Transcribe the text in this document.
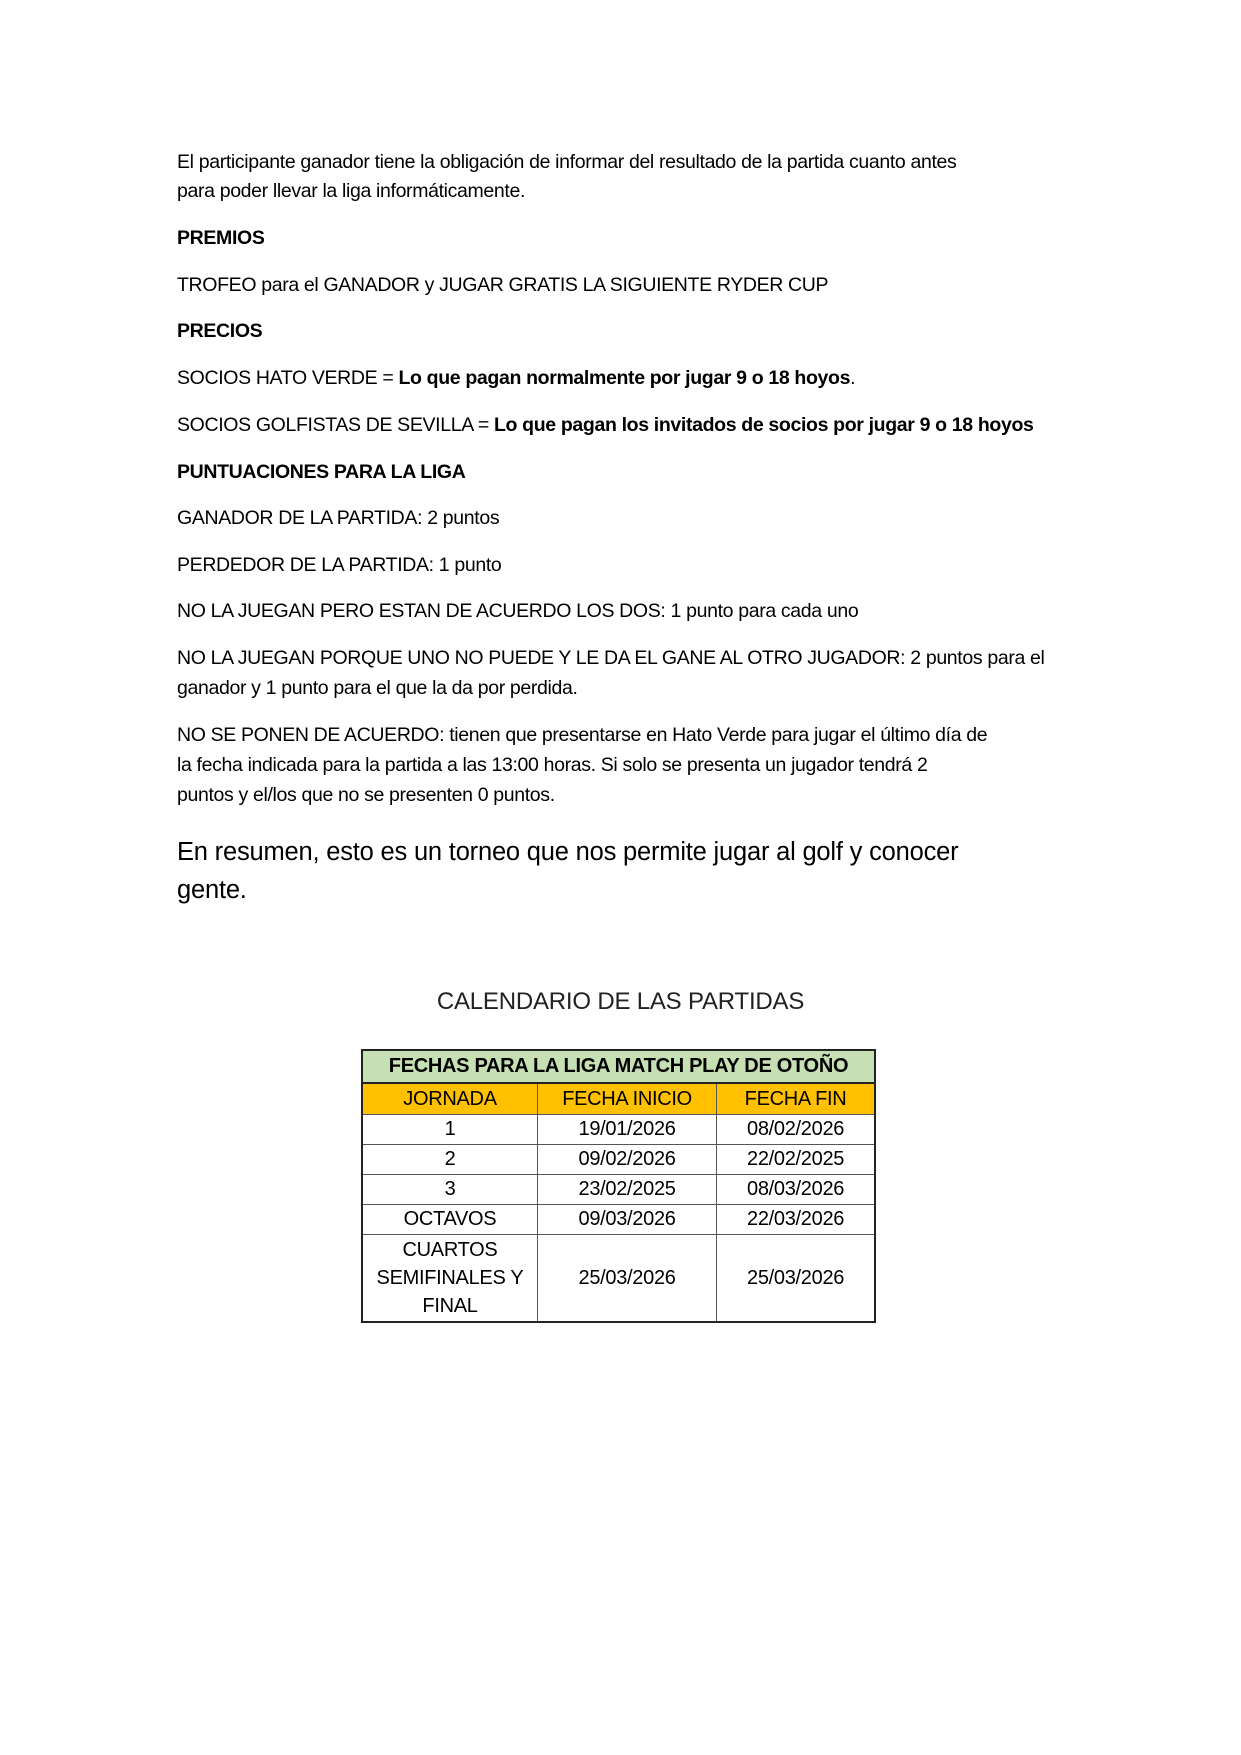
El participante ganador tiene la obligación de informar del resultado de la partida cuanto antes

para poder llevar la liga informáticamente.

PREMIOS

TROFEO para el GANADOR y JUGAR GRATIS LA SIGUIENTE RYDER CUP

PRECIOS

SOCIOS HATO VERDE = Lo que pagan normalmente por jugar 9 o 18 hoyos.

SOCIOS GOLFISTAS DE SEVILLA = Lo que pagan los invitados de socios por jugar 9 o 18 hoyos

PUNTUACIONES PARA LA LIGA

GANADOR DE LA PARTIDA: 2 puntos

PERDEDOR DE LA PARTIDA: 1 punto

NO LA JUEGAN PERO ESTAN DE ACUERDO LOS DOS: 1 punto para cada uno

NO LA JUEGAN PORQUE UNO NO PUEDE Y LE DA EL GANE AL OTRO JUGADOR: 2 puntos para el

ganador y 1 punto para el que la da por perdida.

NO SE PONEN DE ACUERDO: tienen que presentarse en Hato Verde para jugar el último día de

la fecha indicada para la partida a las 13:00 horas. Si solo se presenta un jugador tendrá 2

puntos y el/los que no se presenten 0 puntos.

En resumen, esto es un torneo que nos permite jugar al golf y conocer

gente.

CALENDARIO DE LAS PARTIDAS
FECHAS PARA LA LIGA MATCH PLAY DE OTOÑO		
JORNADA	FECHA INICIO	FECHA FIN
1	19/01/2026	08/02/2026
2	09/02/2026	22/02/2025
3	23/02/2025	08/03/2026
OCTAVOS	09/03/2026	22/03/2026

CUARTOS
SEMIFINALES Y
FINAL	25/03/2026	25/03/2026
